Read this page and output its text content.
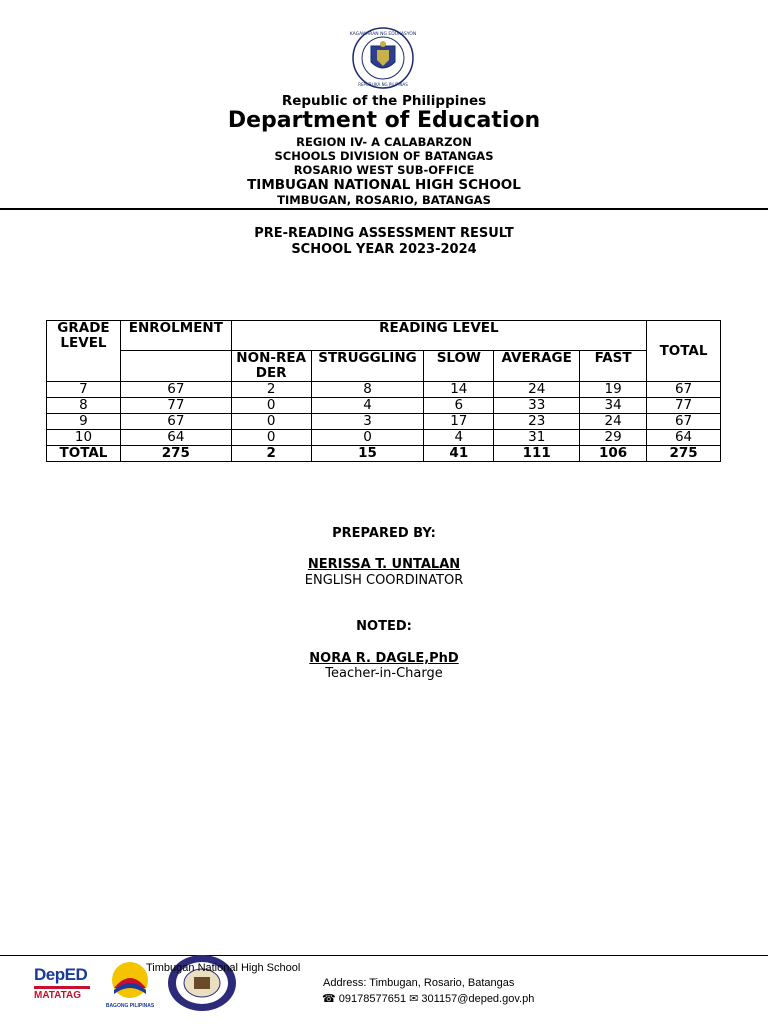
KAGAWARAN NG EDUKASYON
REPUBLIKA NG PILIPINAS
Republic of the Philippines
Department of Education
REGION IV- A CALABARZON
SCHOOLS DIVISION OF BATANGAS
ROSARIO WEST SUB-OFFICE
TIMBUGAN NATIONAL HIGH SCHOOL
TIMBUGAN, ROSARIO, BATANGAS
PRE-READING ASSESSMENT RESULT
SCHOOL YEAR 2023-2024
GRADE LEVEL	ENROLMENT	READING LEVEL					TOTAL
		NON-READER	STRUGGLING	SLOW	AVERAGE	FAST	
7	67	2	8	14	24	19	67
8	77	0	4	6	33	34	77
9	67	0	3	17	23	24	67
10	64	0	0	4	31	29	64
TOTAL	275	2	15	41	111	106	275
PREPARED BY:
NERISSA T. UNTALAN
ENGLISH COORDINATOR
NOTED:
NORA R. DAGLE,PhD
Teacher-in-Charge
DepED
MATATAG
BAGONG PILIPINAS
Timbugan National High School
Address: Timbugan, Rosario, Batangas
☎ 09178577651 ✉ 301157@deped.gov.ph
